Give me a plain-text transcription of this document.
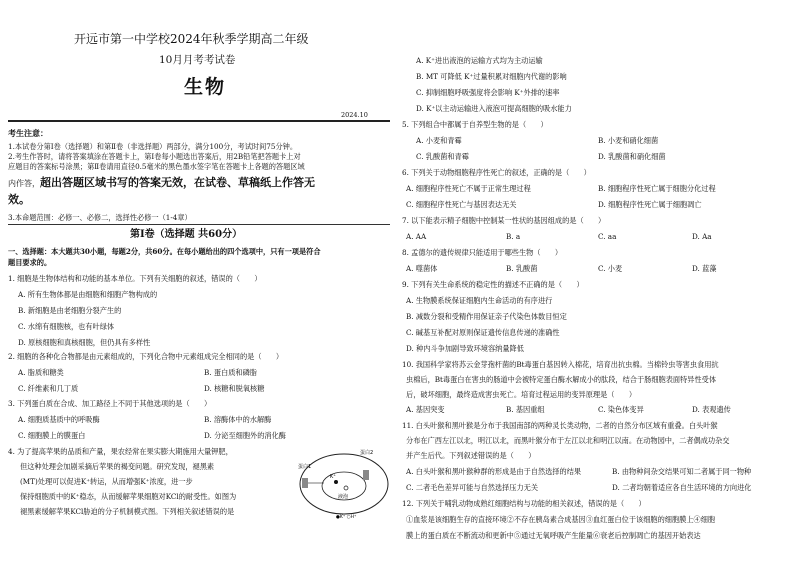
开远市第一中学校2024年秋季学期高二年级
10月月考考试卷
生物
2024.10
考生注意：
1.本试卷分第Ⅰ卷（选择题）和第Ⅱ卷（非选择题）两部分，满分100分，考试时间75分钟。
2.考生作答时，请将答案填涂在答题卡上，第Ⅰ卷每小题选出答案后，用2B铅笔把答题卡上对
应题目的答案标号涂黑；第Ⅱ卷请用直径0.5毫米的黑色墨水签字笔在答题卡上各题的答题区域
内作答，超出答题区域书写的答案无效，在试卷、草稿纸上作答无
效。
3.本命题范围：必修一、必修二，选择性必修一（1-4章）
第Ⅰ卷（选择题 共60分）
一、选择题：本大题共30小题，每题2分，共60分。在每小题给出的四个选项中，只有一项是符合
题目要求的。
1. 细胞是生物体结构和功能的基本单位。下列有关细胞的叙述，错误的（　　）
A. 所有生物体都是由细胞和细胞产物构成的
B. 新细胞是由老细胞分裂产生的
C. 水绵有细胞核，也有叶绿体
D. 原核细胞和真核细胞，但仍具有多样性
2. 细胞的各种化合物都是由元素组成的，下列化合物中元素组成完全相同的是（　　）
A. 脂质和糖类	B. 蛋白质和磷脂
C. 纤维素和几丁质	D. 核糖和脱氧核糖
3. 下列蛋白质在合成、加工路径上不同于其他选项的是（　　）
A. 细胞质基质中的呼吸酶	B. 溶酶体中的水解酶
C. 细胞膜上的膜蛋白	D. 分泌至细胞外的消化酶
4. 为了提高苹果的品质和产量，果农经常在果实膨大期施用大量钾肥，
但这种处理会加剧采摘后苹果的褐变问题。研究发现，褪黑素
(MT)处理可以促进K⁺转运，从而增强K⁺浓度，进一步
保持细胞质中的K⁺稳态，从而缓解苹果细胞对KCl的耐受性。如图为
褪黑素缓解苹果KCl胁迫的分子机制模式图。下列相关叙述错误的是
蛋白1
蛋白2
K⁺
液泡
●K⁺ ○H⁺
A. K⁺进出液泡的运输方式均为主动运输
B. MT 可降低 K⁺过量积累对细胞内代谢的影响
C. 抑制细胞呼吸强度将会影响 K⁺外排的速率
D. K⁺以主动运输进入液泡可提高细胞的吸水能力
5. 下列组合中都属于自养型生物的是（　　）
A. 小麦和青霉	B. 小麦和硝化细菌
C. 乳酸菌和青霉	D. 乳酸菌和硝化细菌
6. 下列关于动物细胞程序性死亡的叙述，正确的是（　　）
A. 细胞程序性死亡不属于正常生理过程	B. 细胞程序性死亡属于细胞分化过程
C. 细胞程序性死亡与基因表达无关	D. 细胞程序性死亡属于细胞凋亡
7. 以下能表示精子细胞中控制某一性状的基因组成的是（　　）
A. AA	B. a	C. aa	D. Aa
8. 孟德尔的遗传规律只能适用于哪些生物（　　）
A. 噬菌体	B. 乳酸菌	C. 小麦	D. 蓝藻
9. 下列有关生命系统的稳定性的描述不正确的是（　　）
A. 生物膜系统保证细胞内生命活动的有序进行
B. 减数分裂和受精作用保证亲子代染色体数目恒定
C. 碱基互补配对原则保证遗传信息传递的准确性
D. 种内斗争加剧导致环境容纳量降低
10. 我国科学家将苏云金芽孢杆菌的Bt毒蛋白基因转入棉花，培育出抗虫棉。当棉铃虫等害虫食用抗
虫棉后，Bt毒蛋白在害虫的肠道中会被特定蛋白酶水解成小的肽段，结合于肠细胞表面特异性受体
后，破坏细胞，最终造成害虫死亡。培育过程运用的变异原理是（　　）
A. 基因突变	B. 基因重组	C. 染色体变异	D. 表观遗传
11. 白头叶猴和黑叶猴是分布于我国南部的两种灵长类动物，二者的自然分布区域有重叠。白头叶猴
分布在广西左江以北，明江以北，而黑叶猴分布于左江以北和明江以南。在动物园中，二者偶成功杂交
并产生后代。下列叙述错误的是（　　）
A. 白头叶猴和黑叶猴种群的形成是由于自然选择的结果	B. 由物种间杂交结果可知二者属于同一物种
C. 二者毛色差异可能与自然选择压力无关	D. 二者均朝着适应各自生活环境的方向进化
12. 下列关于哺乳动物成熟红细胞结构与功能的相关叙述，错误的是（　　）
①血浆是该细胞生存的直接环境②不存在胰岛素合成基因③血红蛋白位于该细胞的细胞膜上④细胞
膜上的蛋白质在不断流动和更新中⑤通过无氧呼吸产生能量⑥衰老后控制凋亡的基因开始表达
